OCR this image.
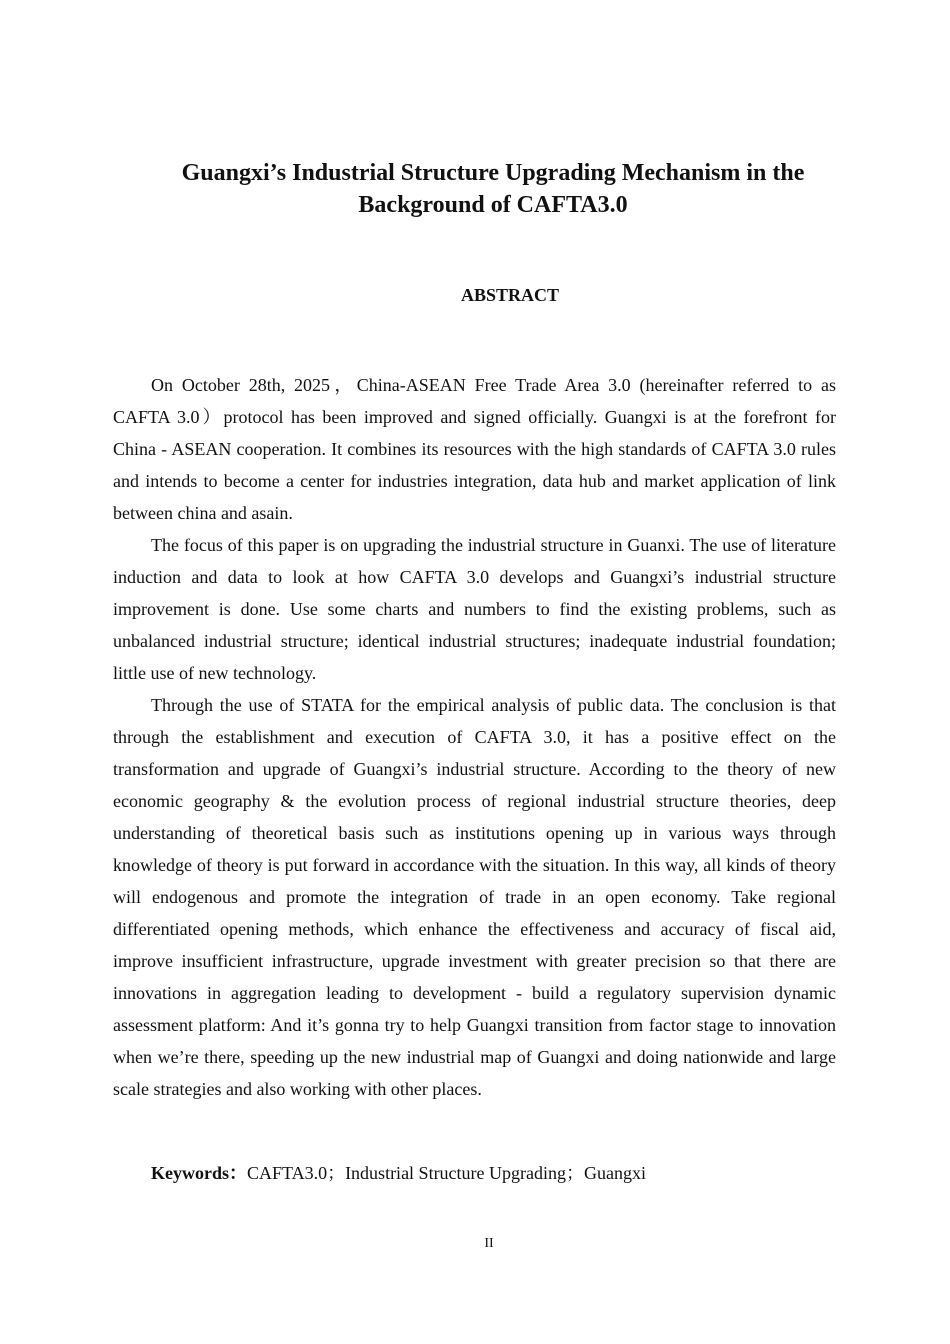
Guangxi’s Industrial Structure Upgrading Mechanism in the
Background of CAFTA3.0
ABSTRACT

On October 28th, 2025，China-ASEAN Free Trade Area 3.0 (hereinafter referred to as CAFTA 3.0）protocol has been improved and signed officially. Guangxi is at the forefront for China - ASEAN cooperation. It combines its resources with the high standards of CAFTA 3.0 rules and intends to become a center for industries integration, data hub and market application of link between china and asain.

The focus of this paper is on upgrading the industrial structure in Guanxi. The use of literature induction and data to look at how CAFTA 3.0 develops and Guangxi’s industrial structure improvement is done. Use some charts and numbers to find the existing problems, such as unbalanced industrial structure; identical industrial structures; inadequate industrial foundation; little use of new technology.

Through the use of STATA for the empirical analysis of public data. The conclusion is that through the establishment and execution of CAFTA 3.0, it has a positive effect on the transformation and upgrade of Guangxi’s industrial structure. According to the theory of new economic geography & the evolution process of regional industrial structure theories, deep understanding of theoretical basis such as institutions opening up in various ways through knowledge of theory is put forward in accordance with the situation. In this way, all kinds of theory will endogenous and promote the integration of trade in an open economy. Take regional differentiated opening methods, which enhance the effectiveness and accuracy of fiscal aid, improve insufficient infrastructure, upgrade investment with greater precision so that there are innovations in aggregation leading to development - build a regulatory supervision dynamic assessment platform: And it’s gonna try to help Guangxi transition from factor stage to innovation when we’re there, speeding up the new industrial map of Guangxi and doing nationwide and large scale strategies and also working with other places.

Keywords：CAFTA3.0；Industrial Structure Upgrading；Guangxi

II
